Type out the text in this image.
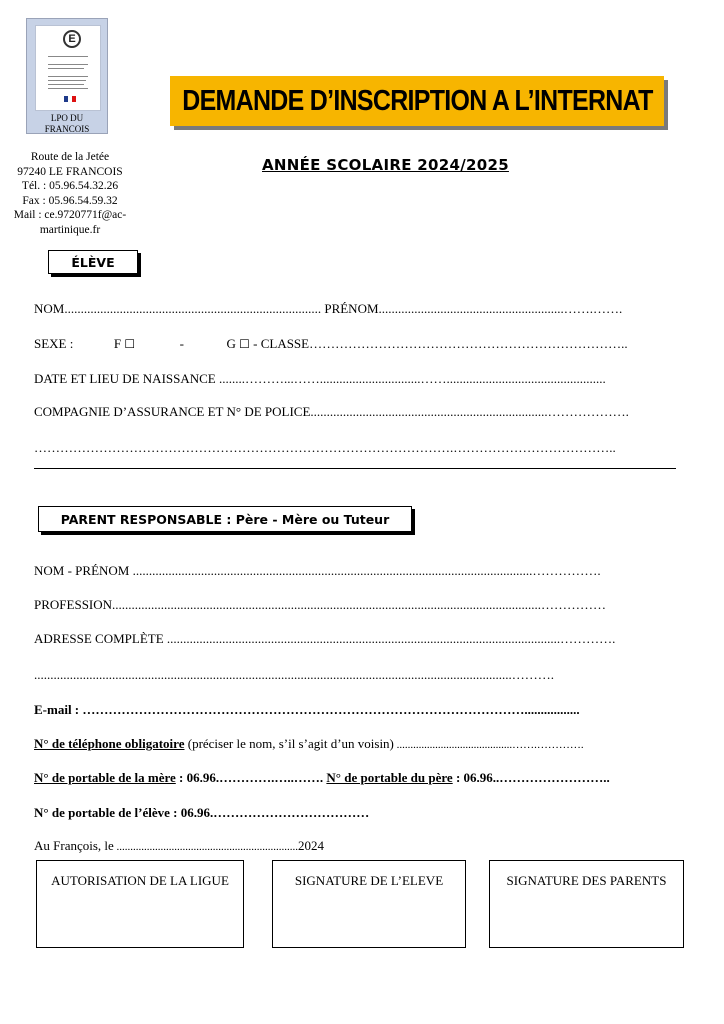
E
LPO DU
FRANCOIS
Route de la Jetée
97240 LE FRANCOIS
Tél. : 05.96.54.32.26
Fax : 05.96.54.59.32
Mail : ce.9720771f@ac-
martinique.fr
DEMANDE D’INSCRIPTION A L’INTERNAT
ANNÉE SCOLAIRE 2024/2025
ÉLÈVE
NOM............................................................................... PRÉNOM.........................................................…….…….
SEXE :	F ☐	-	G ☐ - CLASSE………………………………………………………………..
DATE ET LIEU DE NAISSANCE ........………...……...............................…….................................................
COMPAGNIE D’ASSURANCE ET N° DE POLICE.........................................................................……………….
…………………………………………………………………………………….………………………………..
PARENT RESPONSABLE : Père - Mère ou Tuteur
NOM - PRÉNOM ...........................................................................................................................…………….
PROFESSION....................................................................................................................................……………
ADRESSE COMPLÈTE .........................................................................................................................………….
...................................................................................................................................................……….
E-mail : ………………………………………………………………………………………….................
N° de téléphone obligatoire (préciser le nom, s’il s’agit d’un voisin) ..........................................…….………….
N° de portable de la mère : 06.96.………….…..……. N° de portable du père : 06.96..……………………..
N° de portable de l’élève : 06.96.………………………………
Au François, le ..................................................................2024
AUTORISATION DE LA LIGUE	SIGNATURE DE L’ELEVE	SIGNATURE DES PARENTS
